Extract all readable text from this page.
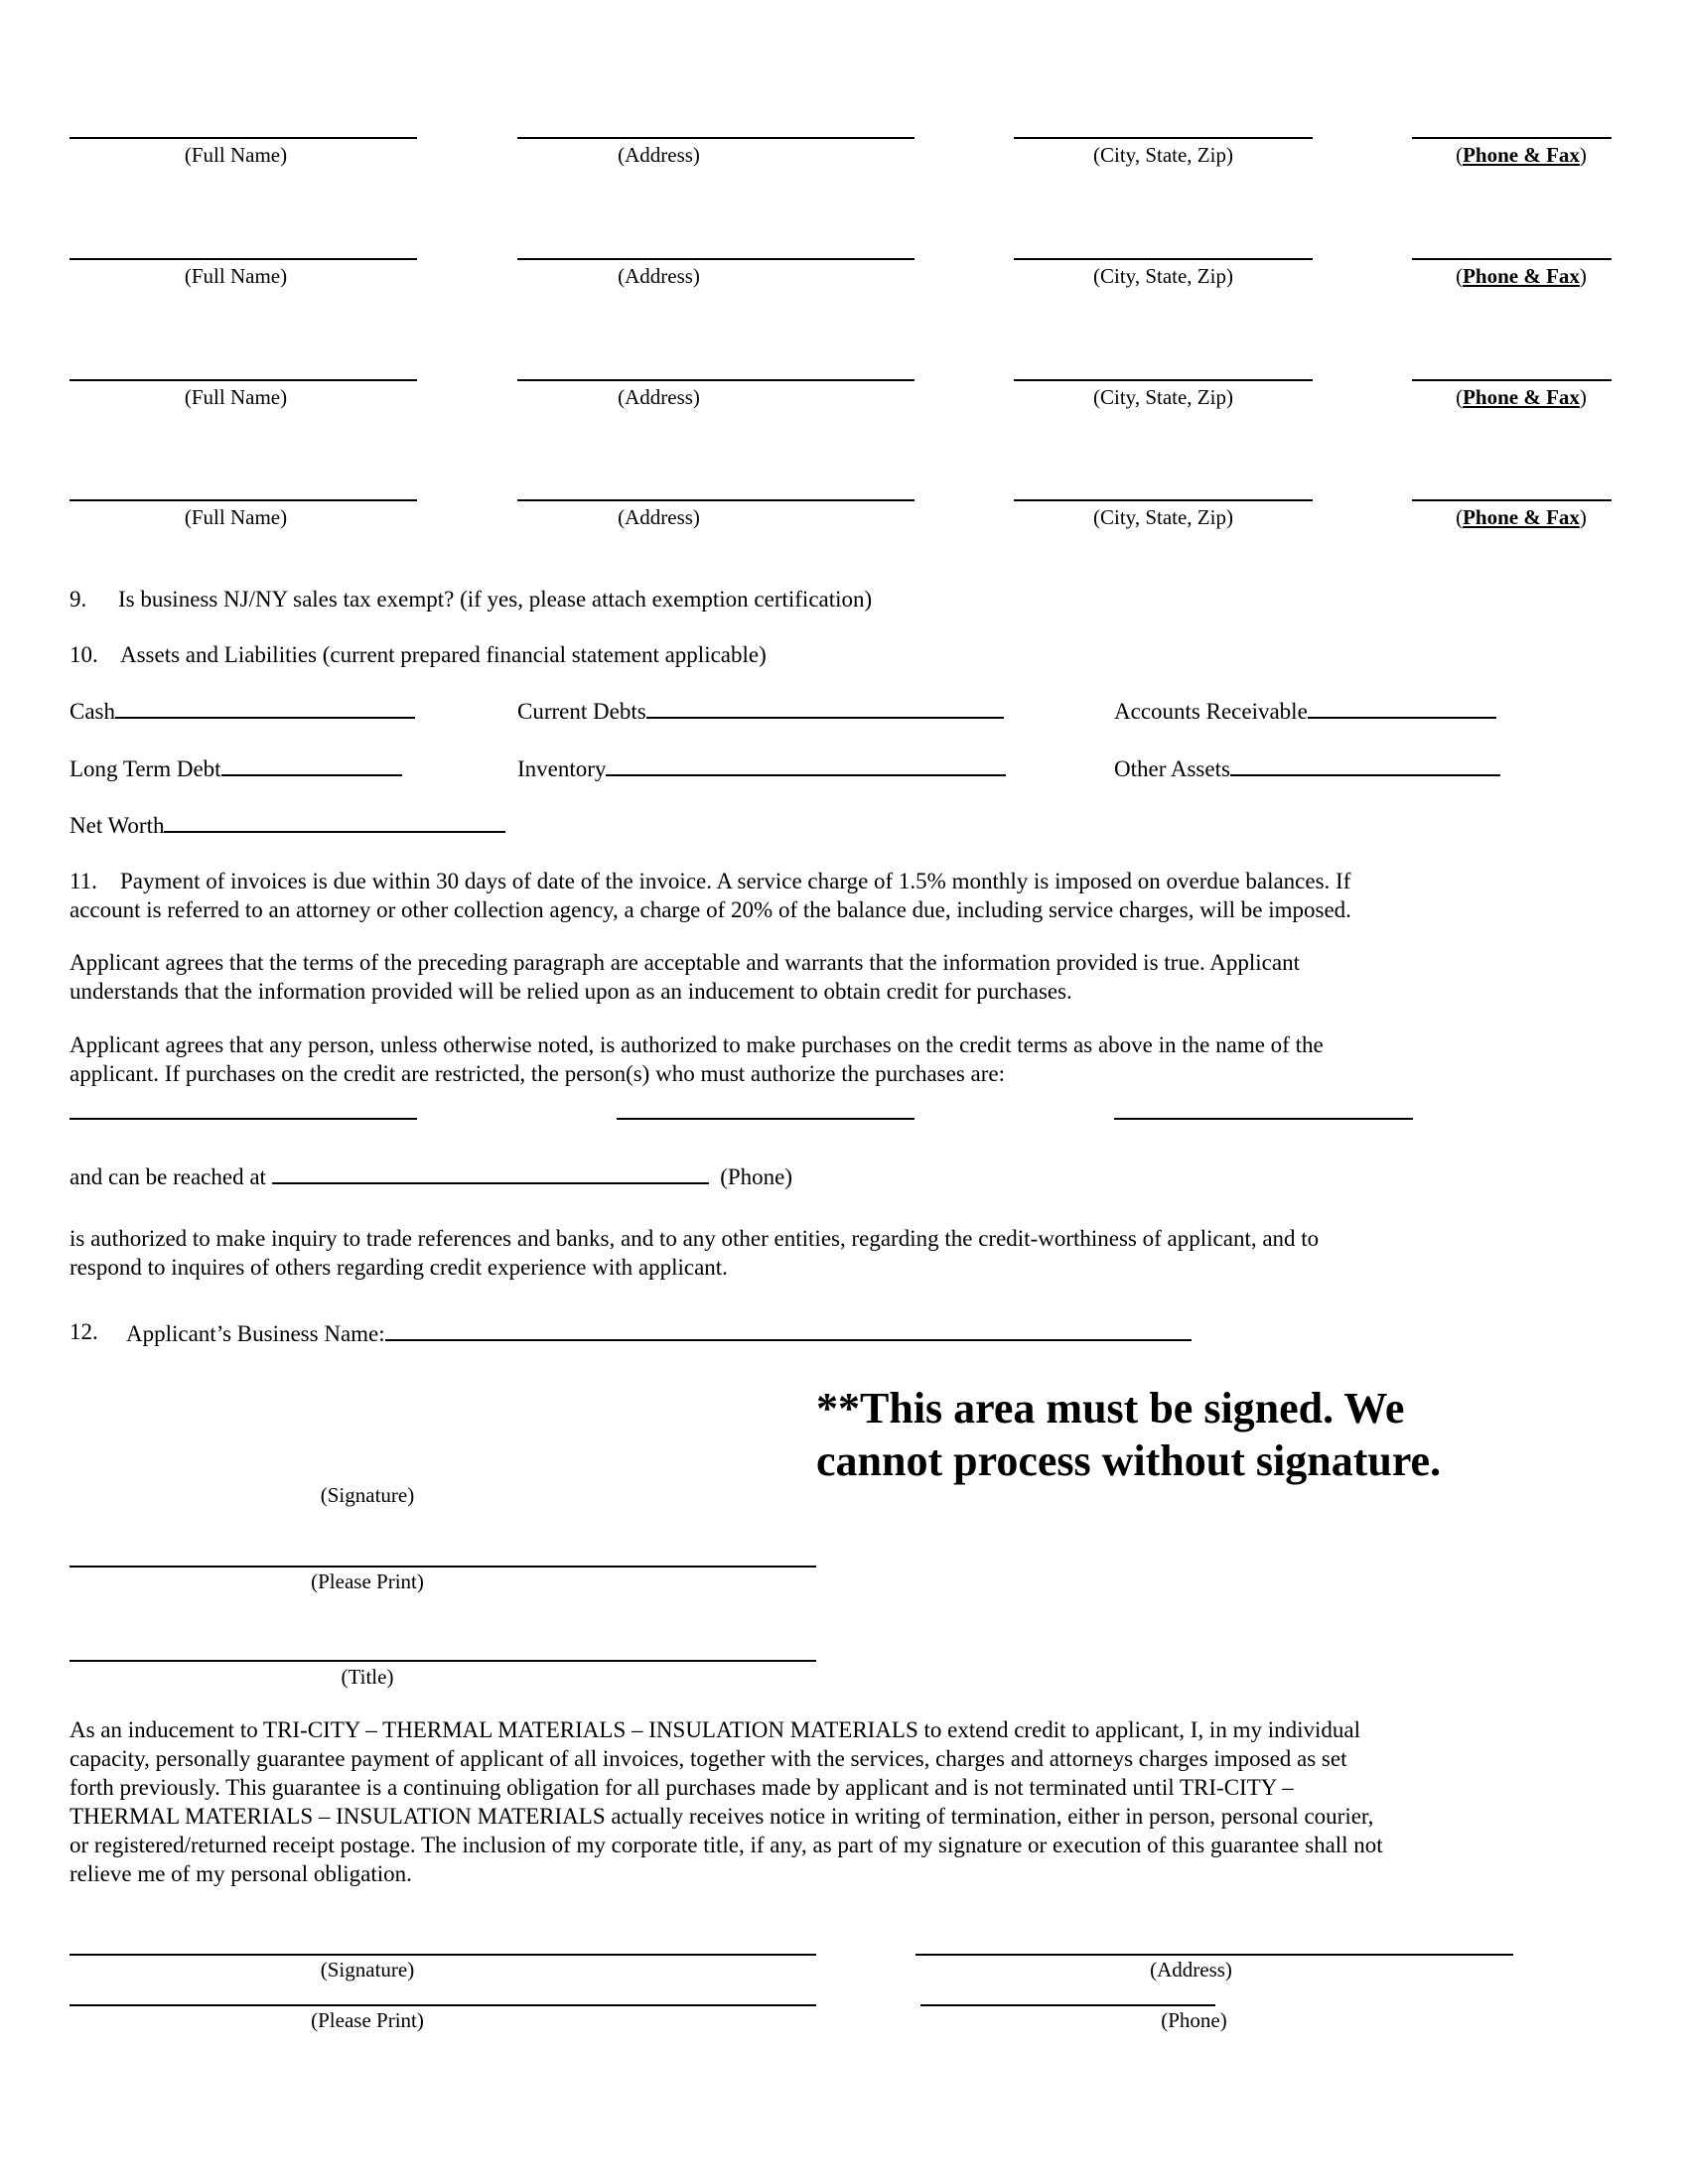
(Full Name)	(Address)	(City, State, Zip)	(Phone & Fax)
(Full Name)	(Address)	(City, State, Zip)	(Phone & Fax)
(Full Name)	(Address)	(City, State, Zip)	(Phone & Fax)
(Full Name)	(Address)	(City, State, Zip)	(Phone & Fax)
9. Is business NJ/NY sales tax exempt? (if yes, please attach exemption certification)
10. Assets and Liabilities (current prepared financial statement applicable)
Cash	Current Debts	Accounts Receivable
Long Term Debt	Inventory	Other Assets
Net Worth
11. Payment of invoices is due within 30 days of date of the invoice. A service charge of 1.5% monthly is imposed on overdue balances. If
account is referred to an attorney or other collection agency, a charge of 20% of the balance due, including service charges, will be imposed.
Applicant agrees that the terms of the preceding paragraph are acceptable and warrants that the information provided is true. Applicant
understands that the information provided will be relied upon as an inducement to obtain credit for purchases.
Applicant agrees that any person, unless otherwise noted, is authorized to make purchases on the credit terms as above in the name of the
applicant. If purchases on the credit are restricted, the person(s) who must authorize the purchases are:
and can be reached at	(Phone)
is authorized to make inquiry to trade references and banks, and to any other entities, regarding the credit-worthiness of applicant, and to
respond to inquires of others regarding credit experience with applicant.
12. Applicant’s Business Name:
**This area must be signed. We
cannot process without signature.
(Signature)
(Please Print)
(Title)
As an inducement to TRI-CITY – THERMAL MATERIALS – INSULATION MATERIALS to extend credit to applicant, I, in my individual
capacity, personally guarantee payment of applicant of all invoices, together with the services, charges and attorneys charges imposed as set
forth previously. This guarantee is a continuing obligation for all purchases made by applicant and is not terminated until TRI-CITY –
THERMAL MATERIALS – INSULATION MATERIALS actually receives notice in writing of termination, either in person, personal courier,
or registered/returned receipt postage. The inclusion of my corporate title, if any, as part of my signature or execution of this guarantee shall not
relieve me of my personal obligation.
(Signature)	(Address)
(Please Print)	(Phone)
